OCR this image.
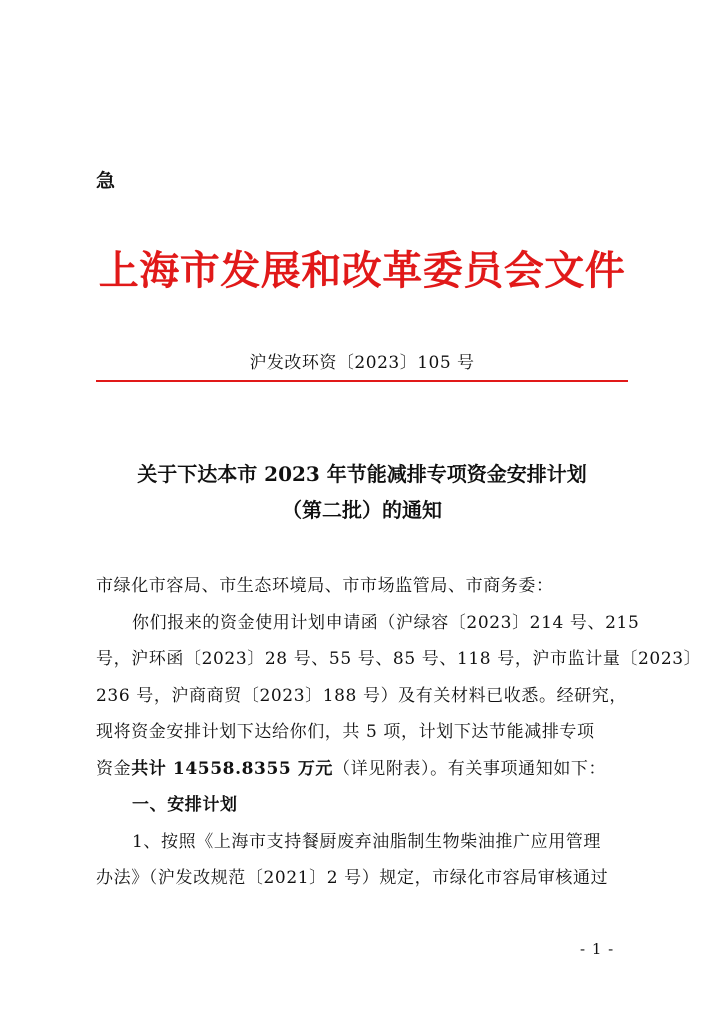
急
上海市发展和改革委员会文件
沪发改环资〔2023〕105 号
关于下达本市 2023 年节能减排专项资金安排计划
（第二批）的通知

市绿化市容局、市生态环境局、市市场监管局、市商务委：

你们报来的资金使用计划申请函（沪绿容〔2023〕214 号、215

号，沪环函〔2023〕28 号、55 号、85 号、118 号，沪市监计量〔2023〕

236 号，沪商商贸〔2023〕188 号）及有关材料已收悉。经研究，

现将资金安排计划下达给你们，共 5 项，计划下达节能减排专项

资金共计 14558.8355 万元（详见附表）。有关事项通知如下：

一、安排计划

1、按照《上海市支持餐厨废弃油脂制生物柴油推广应用管理

办法》（沪发改规范〔2021〕2 号）规定，市绿化市容局审核通过

- 1 -
